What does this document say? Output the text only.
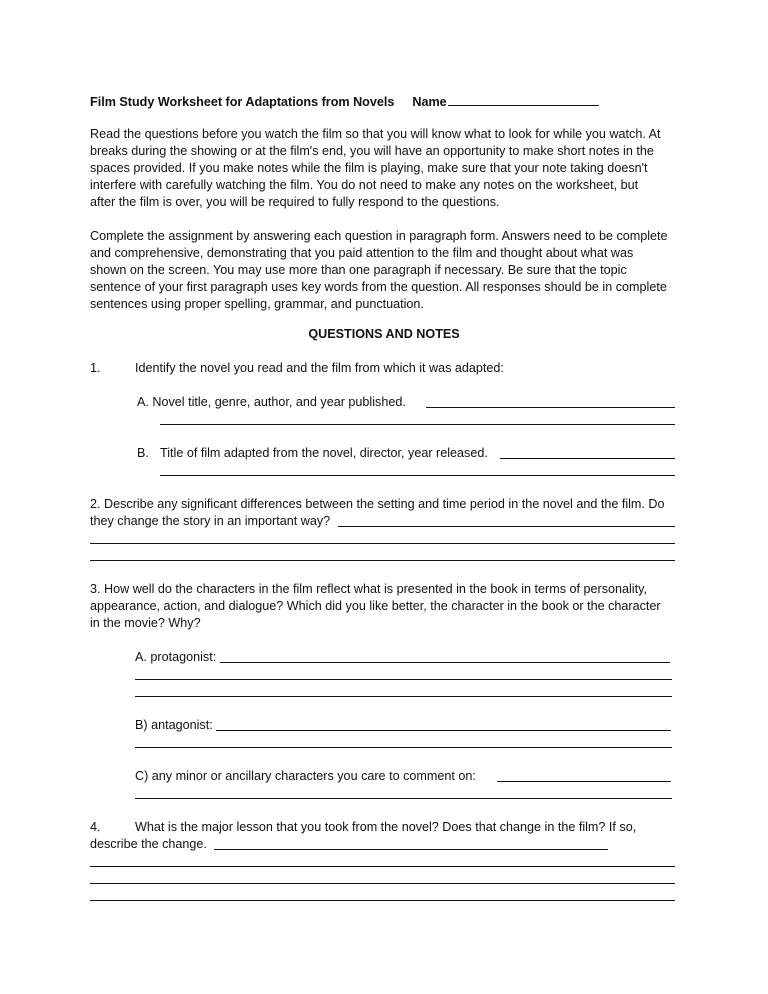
Film Study Worksheet for Adaptations from Novels Name
Read the questions before you watch the film so that you will know what to look for while you watch. At
breaks during the showing or at the film's end, you will have an opportunity to make short notes in the
spaces provided. If you make notes while the film is playing, make sure that your note taking doesn't
interfere with carefully watching the film. You do not need to make any notes on the worksheet, but
after the film is over, you will be required to fully respond to the questions.
Complete the assignment by answering each question in paragraph form. Answers need to be complete
and comprehensive, demonstrating that you paid attention to the film and thought about what was
shown on the screen. You may use more than one paragraph if necessary. Be sure that the topic
sentence of your first paragraph uses key words from the question. All responses should be in complete
sentences using proper spelling, grammar, and punctuation.
QUESTIONS AND NOTES
1.	Identify the novel you read and the film from which it was adapted:
A. Novel title, genre, author, and year published.
B. Title of film adapted from the novel, director, year released.
2. Describe any significant differences between the setting and time period in the novel and the film. Do
they change the story in an important way?
3. How well do the characters in the film reflect what is presented in the book in terms of personality,
appearance, action, and dialogue? Which did you like better, the character in the book or the character
in the movie? Why?
A. protagonist:
B) antagonist:
C) any minor or ancillary characters you care to comment on:
4.	What is the major lesson that you took from the novel? Does that change in the film? If so,
describe the change.
